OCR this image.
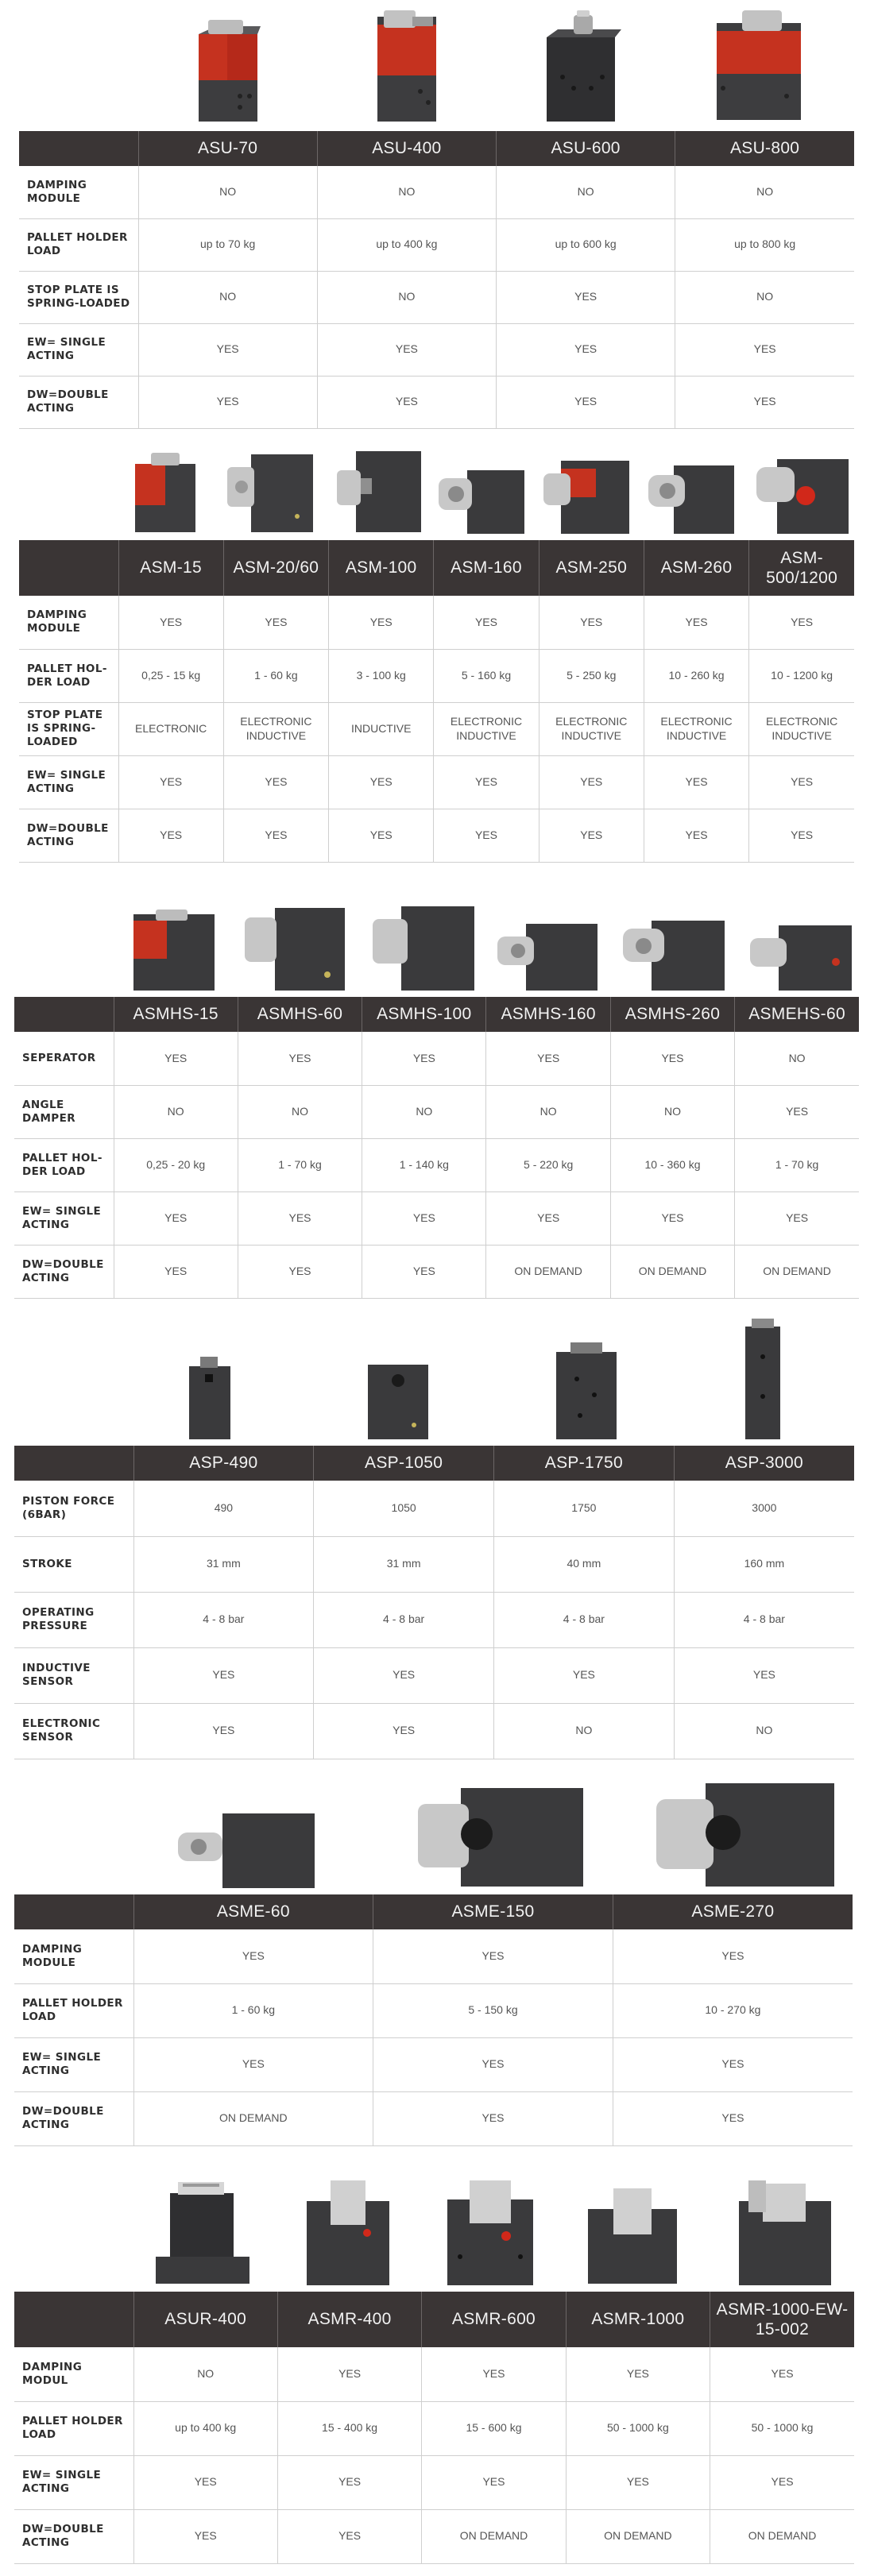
	ASU-70	ASU-400	ASU-600	ASU-800
DAMPING MODULE	NO	NO	NO	NO
PALLET HOLDER LOAD	up to 70 kg	up to 400 kg	up to 600 kg	up to 800 kg
STOP PLATE IS SPRING-LOADED	NO	NO	YES	NO
EW= SINGLE ACTING	YES	YES	YES	YES
DW=DOUBLE ACTING	YES	YES	YES	YES
	ASM-15	ASM-20/60	ASM-100	ASM-160	ASM-250	ASM-260	ASM-500/1200
DAMPING MODULE	YES	YES	YES	YES	YES	YES	YES
PALLET HOL-DER LOAD	0,25 - 15 kg	1 - 60 kg	3 - 100 kg	5 - 160 kg	5 - 250 kg	10 - 260 kg	10 - 1200 kg
STOP PLATE IS SPRING-LOADED	ELECTRONIC	ELECTRONIC INDUCTIVE	INDUCTIVE	ELECTRONIC INDUCTIVE	ELECTRONIC INDUCTIVE	ELECTRONIC INDUCTIVE	ELECTRONIC INDUCTIVE
EW= SINGLE ACTING	YES	YES	YES	YES	YES	YES	YES
DW=DOUBLE ACTING	YES	YES	YES	YES	YES	YES	YES
	ASMHS-15	ASMHS-60	ASMHS-100	ASMHS-160	ASMHS-260	ASMEHS-60
SEPERATOR	YES	YES	YES	YES	YES	NO
ANGLE DAMPER	NO	NO	NO	NO	NO	YES
PALLET HOL-DER LOAD	0,25 - 20 kg	1 - 70 kg	1 - 140 kg	5 - 220 kg	10 - 360 kg	1 - 70 kg
EW= SINGLE ACTING	YES	YES	YES	YES	YES	YES
DW=DOUBLE ACTING	YES	YES	YES	ON DEMAND	ON DEMAND	ON DEMAND
	ASP-490	ASP-1050	ASP-1750	ASP-3000
PISTON FORCE (6BAR)	490	1050	1750	3000
STROKE	31 mm	31 mm	40 mm	160 mm
OPERATING PRESSURE	4 - 8 bar	4 - 8 bar	4 - 8 bar	4 - 8 bar
INDUCTIVE SENSOR	YES	YES	YES	YES
ELECTRONIC SENSOR	YES	YES	NO	NO
	ASME-60	ASME-150	ASME-270
DAMPING MODULE	YES	YES	YES
PALLET HOLDER LOAD	1 - 60 kg	5 - 150 kg	10 - 270 kg
EW= SINGLE ACTING	YES	YES	YES
DW=DOUBLE ACTING	ON DEMAND	YES	YES
	ASUR-400	ASMR-400	ASMR-600	ASMR-1000	ASMR-1000-EW-15-002
DAMPING MODUL	NO	YES	YES	YES	YES
PALLET HOLDER LOAD	up to 400 kg	15 - 400 kg	15 - 600 kg	50 - 1000 kg	50 - 1000 kg
EW= SINGLE ACTING	YES	YES	YES	YES	YES
DW=DOUBLE ACTING	YES	YES	ON DEMAND	ON DEMAND	ON DEMAND
